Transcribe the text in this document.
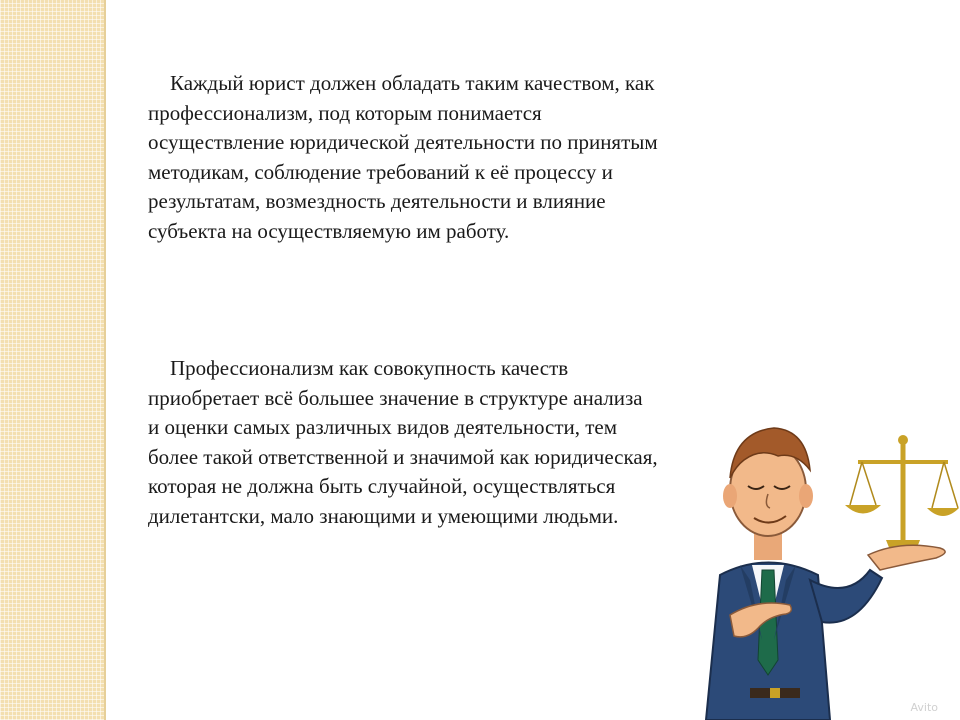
Каждый юрист должен обладать таким качеством, как профессионализм, под которым понимается осуществление юридической деятельности по принятым методикам, соблюдение требований к её процессу и результатам, возмездность деятельности и влияние субъекта на осуществляемую им работу.

Профессионализм как совокупность качеств приобретает всё большее значение в структуре анализа и оценки самых различных видов деятельности, тем более такой ответственной и значимой как юридическая, которая не должна быть случайной, осуществляться дилетантски, мало знающими и умеющими людьми.

Avito
